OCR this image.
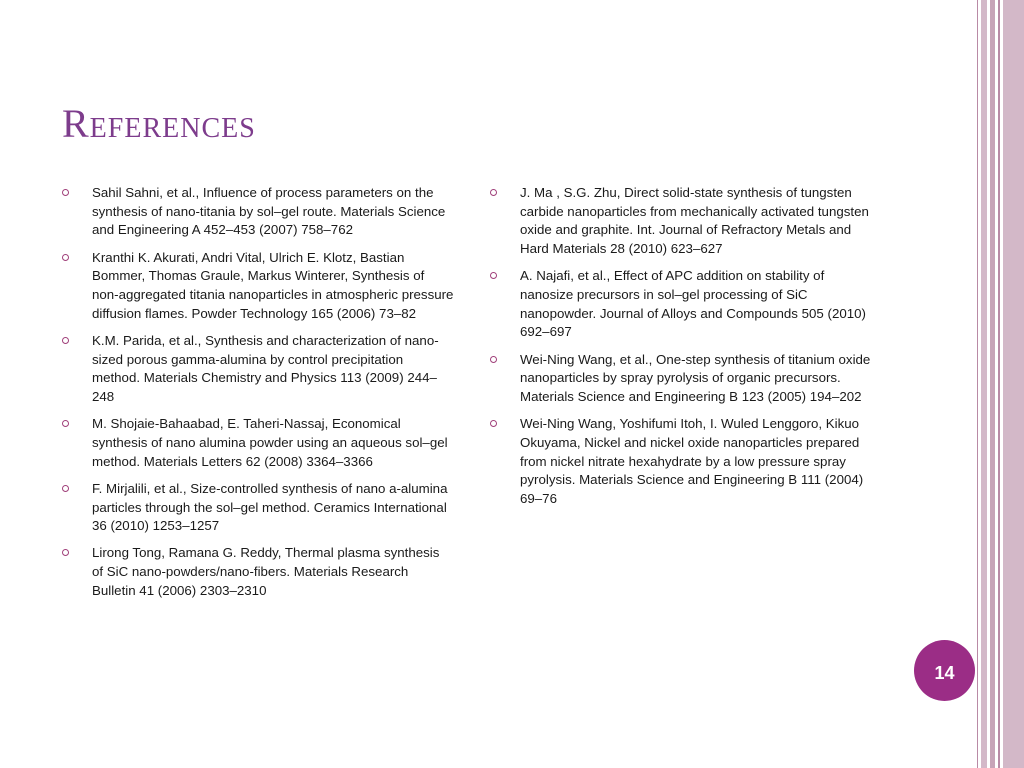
References
Sahil Sahni, et al., Influence of process parameters on the synthesis of nano-titania by sol–gel route. Materials Science and Engineering A 452–453 (2007) 758–762
Kranthi K. Akurati, Andri Vital, Ulrich E. Klotz, Bastian Bommer, Thomas Graule, Markus Winterer, Synthesis of non-aggregated titania nanoparticles in atmospheric pressure diffusion flames. Powder Technology 165 (2006) 73–82
K.M. Parida, et al., Synthesis and characterization of nano-sized porous gamma-alumina by control precipitation method. Materials Chemistry and Physics 113 (2009) 244–248
M. Shojaie-Bahaabad, E. Taheri-Nassaj, Economical synthesis of nano alumina powder using an aqueous sol–gel method. Materials Letters 62 (2008) 3364–3366
F. Mirjalili, et al., Size-controlled synthesis of nano a-alumina particles through the sol–gel method. Ceramics International 36 (2010) 1253–1257
Lirong Tong, Ramana G. Reddy, Thermal plasma synthesis of SiC nano-powders/nano-fibers. Materials Research Bulletin 41 (2006) 2303–2310
J. Ma , S.G. Zhu, Direct solid-state synthesis of tungsten carbide nanoparticles from mechanically activated tungsten oxide and graphite. Int. Journal of Refractory Metals and Hard Materials 28 (2010) 623–627
A. Najafi, et al., Effect of APC addition on stability of nanosize precursors in sol–gel processing of SiC nanopowder. Journal of Alloys and Compounds 505 (2010) 692–697
Wei-Ning Wang, et al., One-step synthesis of titanium oxide nanoparticles by spray pyrolysis of organic precursors. Materials Science and Engineering B 123 (2005) 194–202
Wei-Ning Wang, Yoshifumi Itoh, I. Wuled Lenggoro, Kikuo Okuyama, Nickel and nickel oxide nanoparticles prepared from nickel nitrate hexahydrate by a low pressure spray pyrolysis. Materials Science and Engineering B 111 (2004) 69–76
14
